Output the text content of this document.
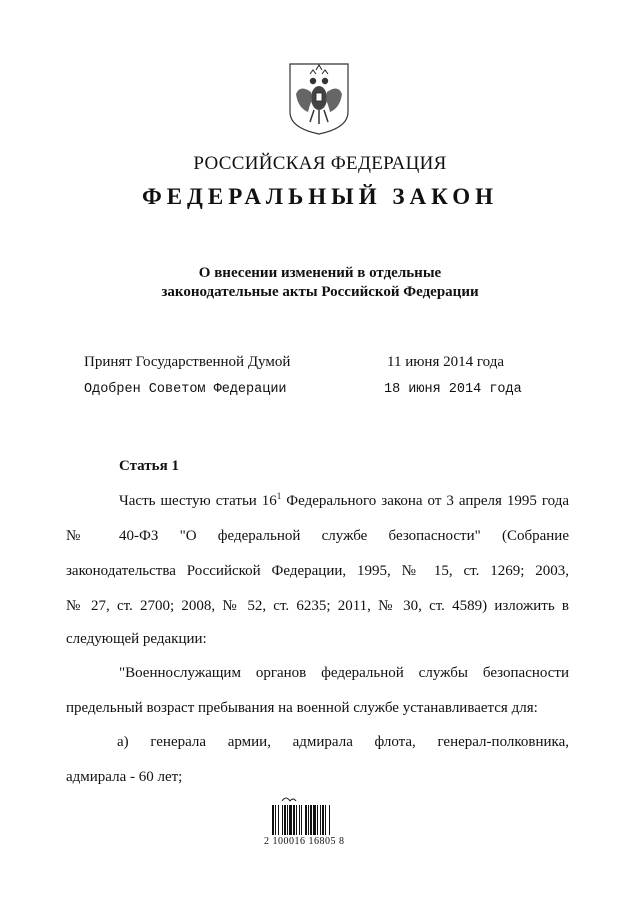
РОССИЙСКАЯ ФЕДЕРАЦИЯ
ФЕДЕРАЛЬНЫЙ ЗАКОН
О внесении изменений в отдельные
законодательные акты Российской Федерации
Принят Государственной Думой	11 июня 2014 года
Одобрен Советом Федерации	18 июня 2014 года
Статья 1
Часть шестую статьи $16^1$ Федерального закона от 3 апреля 1995 года
№ 40-ФЗ "О федеральной службе безопасности" (Собрание
законодательства Российской Федерации, 1995, № 15, ст. 1269; 2003,
№ 27, ст. 2700; 2008, № 52, ст. 6235; 2011, № 30, ст. 4589) изложить в
следующей редакции:
"Военнослужащим органов федеральной службы безопасности
предельный возраст пребывания на военной службе устанавливается для:
а) генерала армии, адмирала флота, генерал-полковника,
адмирала - 60 лет;
2 100016 16805 8
